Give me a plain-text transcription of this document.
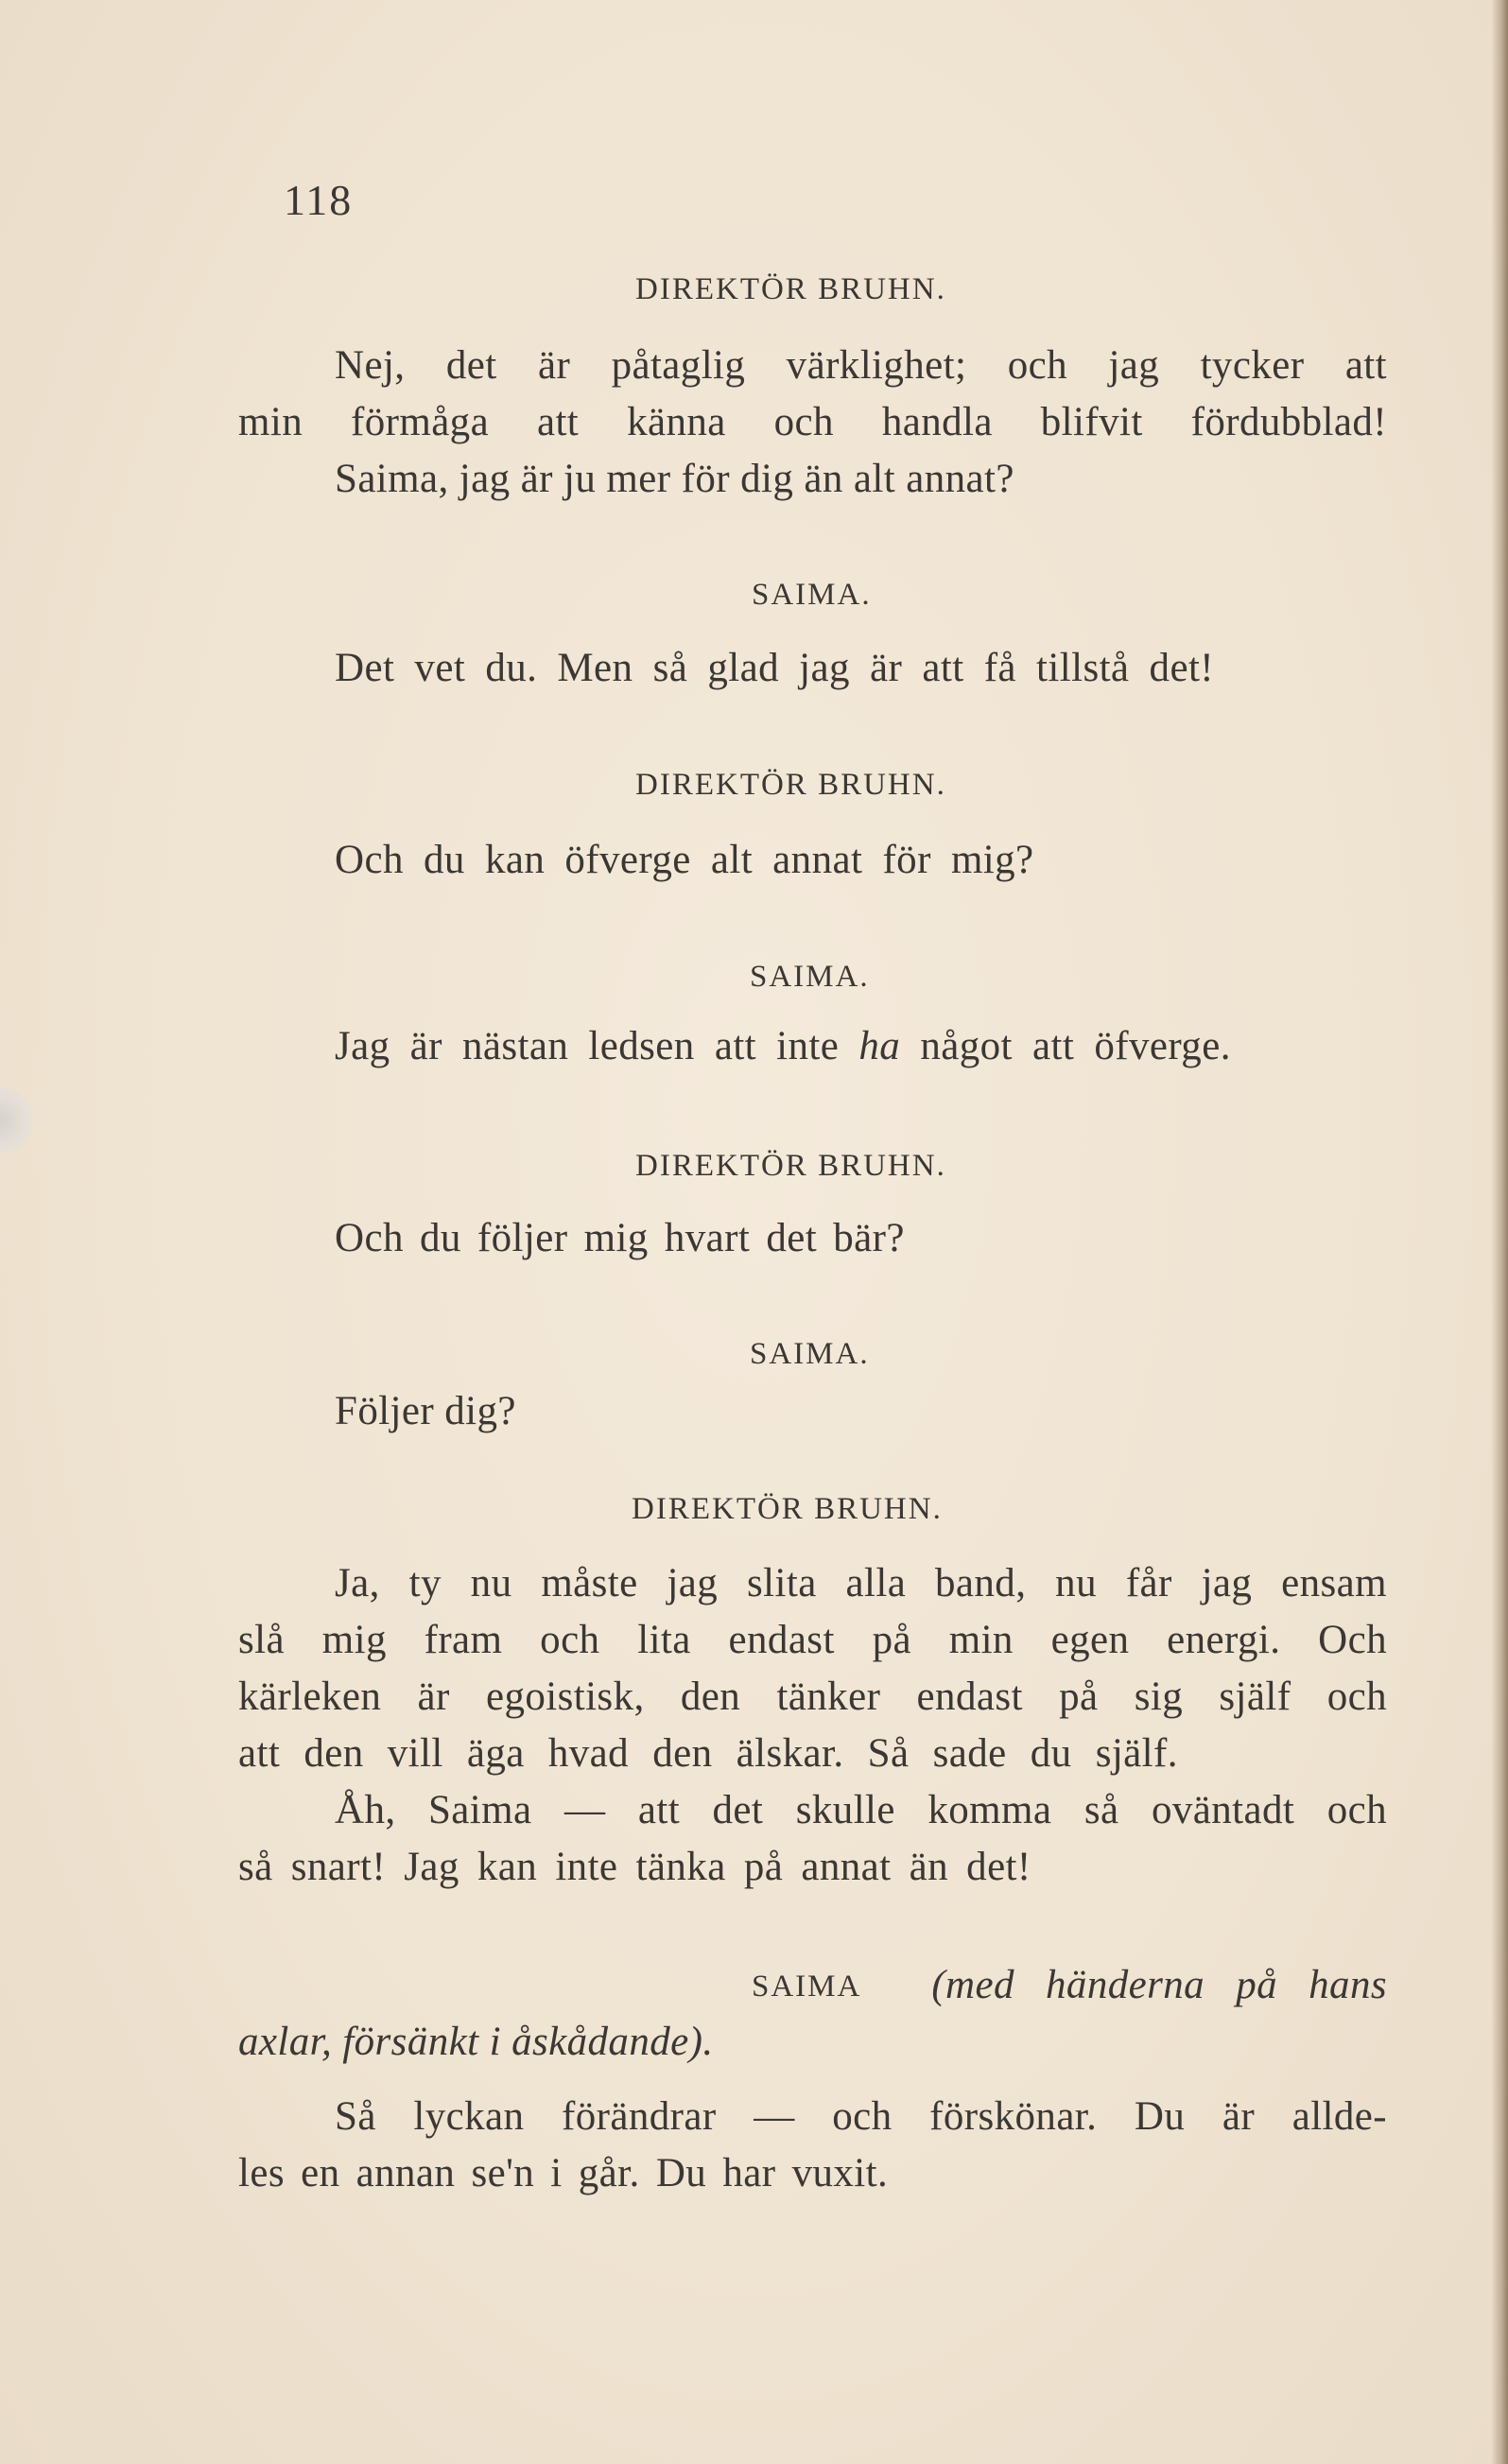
118
DIREKTÖR BRUHN.
Nej, det är påtaglig värklighet; och jag tycker att
min förmåga att känna och handla blifvit fördubblad!
Saima, jag är ju mer för dig än alt annat?
SAIMA.
Det vet du. Men så glad jag är att få tillstå det!
DIREKTÖR BRUHN.
Och du kan öfverge alt annat för mig?
SAIMA.
Jag är nästan ledsen att inte ha något att öfverge.
DIREKTÖR BRUHN.
Och du följer mig hvart det bär?
SAIMA.
Följer dig?
DIREKTÖR BRUHN.
Ja, ty nu måste jag slita alla band, nu får jag ensam
slå mig fram och lita endast på min egen energi. Och
kärleken är egoistisk, den tänker endast på sig själf och
att den vill äga hvad den älskar. Så sade du själf.
Åh, Saima — att det skulle komma så oväntadt och
så snart! Jag kan inte tänka på annat än det!
SAIMA (med händerna på hans
axlar, försänkt i åskådande).
Så lyckan förändrar — och förskönar. Du är allde-
les en annan se'n i går. Du har vuxit.
